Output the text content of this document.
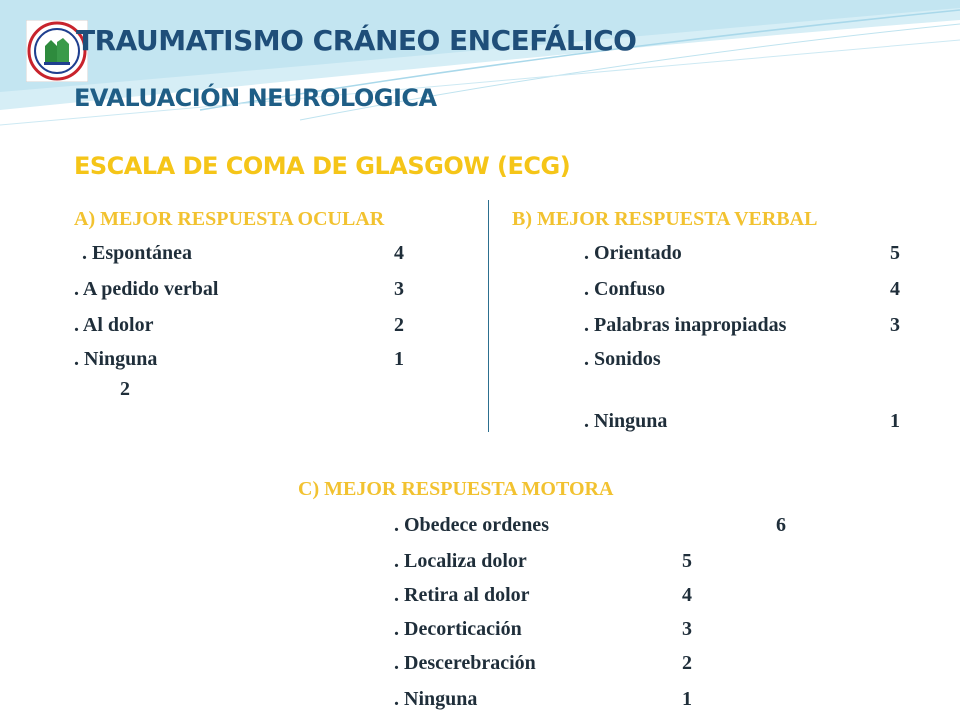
TRAUMATISMO CRÁNEO ENCEFÁLICO
EVALUACIÓN NEUROLOGICA
ESCALA DE COMA DE GLASGOW (ECG)
A) MEJOR RESPUESTA OCULAR
. Espontánea	4
. A pedido verbal	3
. Al dolor	2
. Ninguna	1
2
B) MEJOR RESPUESTA VERBAL
. Orientado	5
. Confuso	4
. Palabras inapropiadas	3
. Sonidos
. Ninguna	1
C) MEJOR RESPUESTA MOTORA
. Obedece ordenes	6
. Localiza dolor	5
. Retira al dolor	4
. Decorticación	3
. Descerebración	2
. Ninguna	1
